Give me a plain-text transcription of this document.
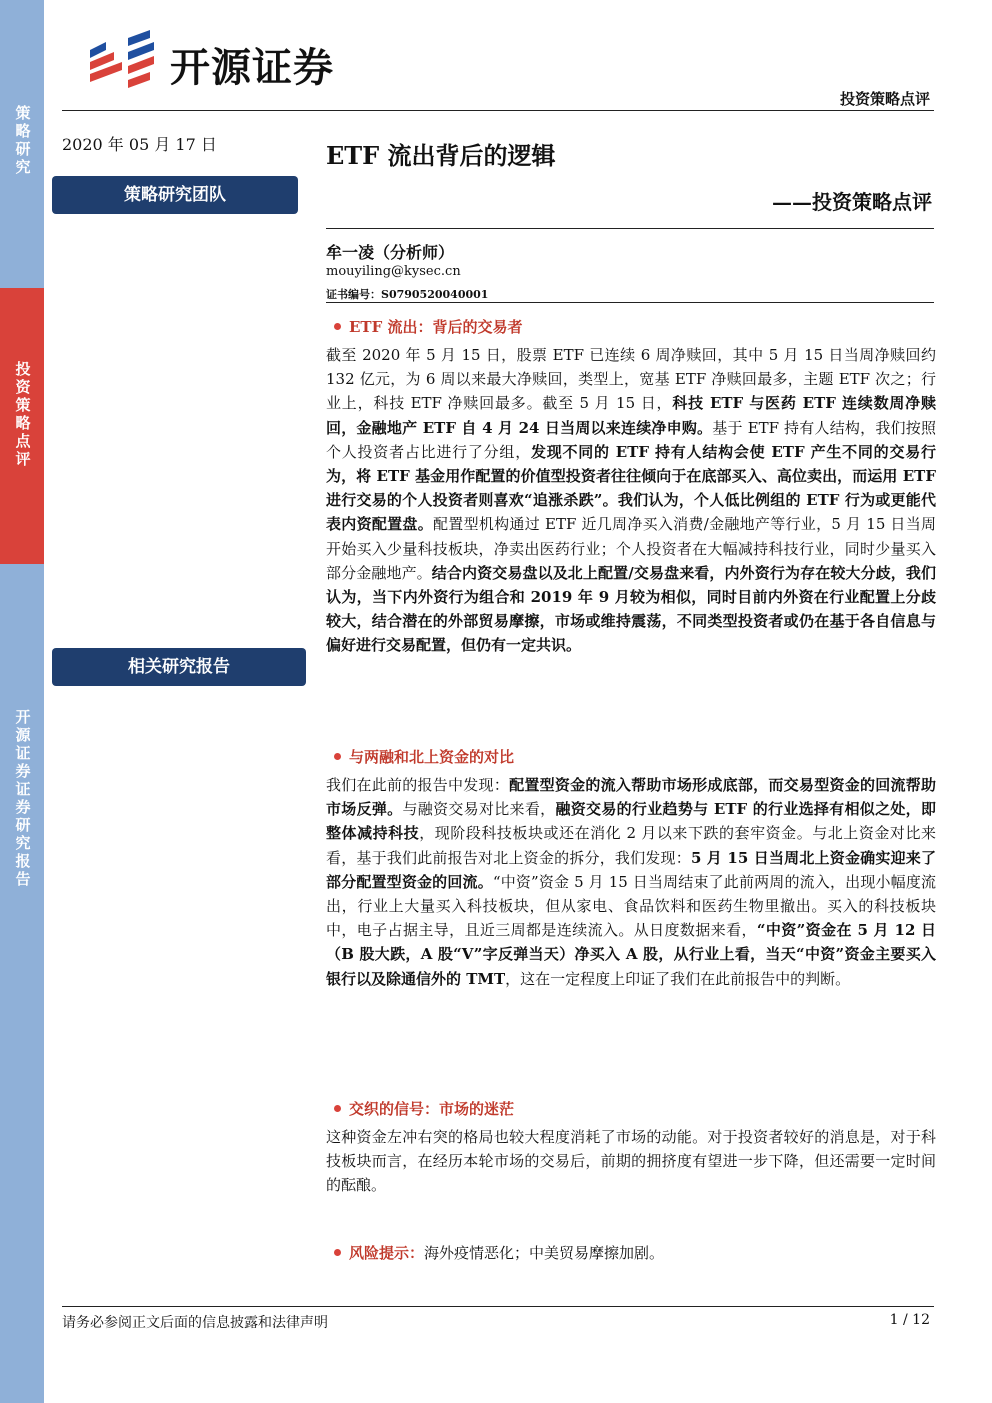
策略研究
投资策略点评
开源证券 证券研究报告
开源证券
投资策略点评
2020 年 05 月 17 日	ETF 流出背后的逻辑
——投资策略点评
策略研究团队
牟一凌（分析师）
mouyiling@kysec.cn
证书编号：S0790520040001
相关研究报告
ETF 流出：背后的交易者

截至 2020 年 5 月 15 日，股票 ETF 已连续 6 周净赎回，其中 5 月 15 日当周净赎回约 132 亿元，为 6 周以来最大净赎回，类型上，宽基 ETF 净赎回最多，主题 ETF 次之；行业上，科技 ETF 净赎回最多。截至 5 月 15 日，科技 ETF 与医药 ETF 连续数周净赎回，金融地产 ETF 自 4 月 24 日当周以来连续净申购。基于 ETF 持有人结构，我们按照个人投资者占比进行了分组，发现不同的 ETF 持有人结构会使 ETF 产生不同的交易行为，将 ETF 基金用作配置的价值型投资者往往倾向于在底部买入、高位卖出，而运用 ETF 进行交易的个人投资者则喜欢“追涨杀跌”。我们认为，个人低比例组的 ETF 行为或更能代表内资配置盘。配置型机构通过 ETF 近几周净买入消费/金融地产等行业，5 月 15 日当周开始买入少量科技板块，净卖出医药行业；个人投资者在大幅减持科技行业，同时少量买入部分金融地产。结合内资交易盘以及北上配置/交易盘来看，内外资行为存在较大分歧，我们认为，当下内外资行为组合和 2019 年 9 月较为相似，同时目前内外资在行业配置上分歧较大，结合潜在的外部贸易摩擦，市场或维持震荡，不同类型投资者或仍在基于各自信息与偏好进行交易配置，但仍有一定共识。

与两融和北上资金的对比

我们在此前的报告中发现：配置型资金的流入帮助市场形成底部，而交易型资金的回流帮助市场反弹。与融资交易对比来看，融资交易的行业趋势与 ETF 的行业选择有相似之处，即整体减持科技，现阶段科技板块或还在消化 2 月以来下跌的套牢资金。与北上资金对比来看，基于我们此前报告对北上资金的拆分，我们发现：5 月 15 日当周北上资金确实迎来了部分配置型资金的回流。“中资”资金 5 月 15 日当周结束了此前两周的流入，出现小幅度流出，行业上大量买入科技板块，但从家电、食品饮料和医药生物里撤出。买入的科技板块中，电子占据主导，且近三周都是连续流入。从日度数据来看，“中资”资金在 5 月 12 日（B 股大跌，A 股“V”字反弹当天）净买入 A 股，从行业上看，当天“中资”资金主要买入银行以及除通信外的 TMT，这在一定程度上印证了我们在此前报告中的判断。

交织的信号：市场的迷茫

这种资金左冲右突的格局也较大程度消耗了市场的动能。对于投资者较好的消息是，对于科技板块而言，在经历本轮市场的交易后，前期的拥挤度有望进一步下降，但还需要一定时间的酝酿。

风险提示： 海外疫情恶化；中美贸易摩擦加剧。
请务必参阅正文后面的信息披露和法律声明	1 / 12
